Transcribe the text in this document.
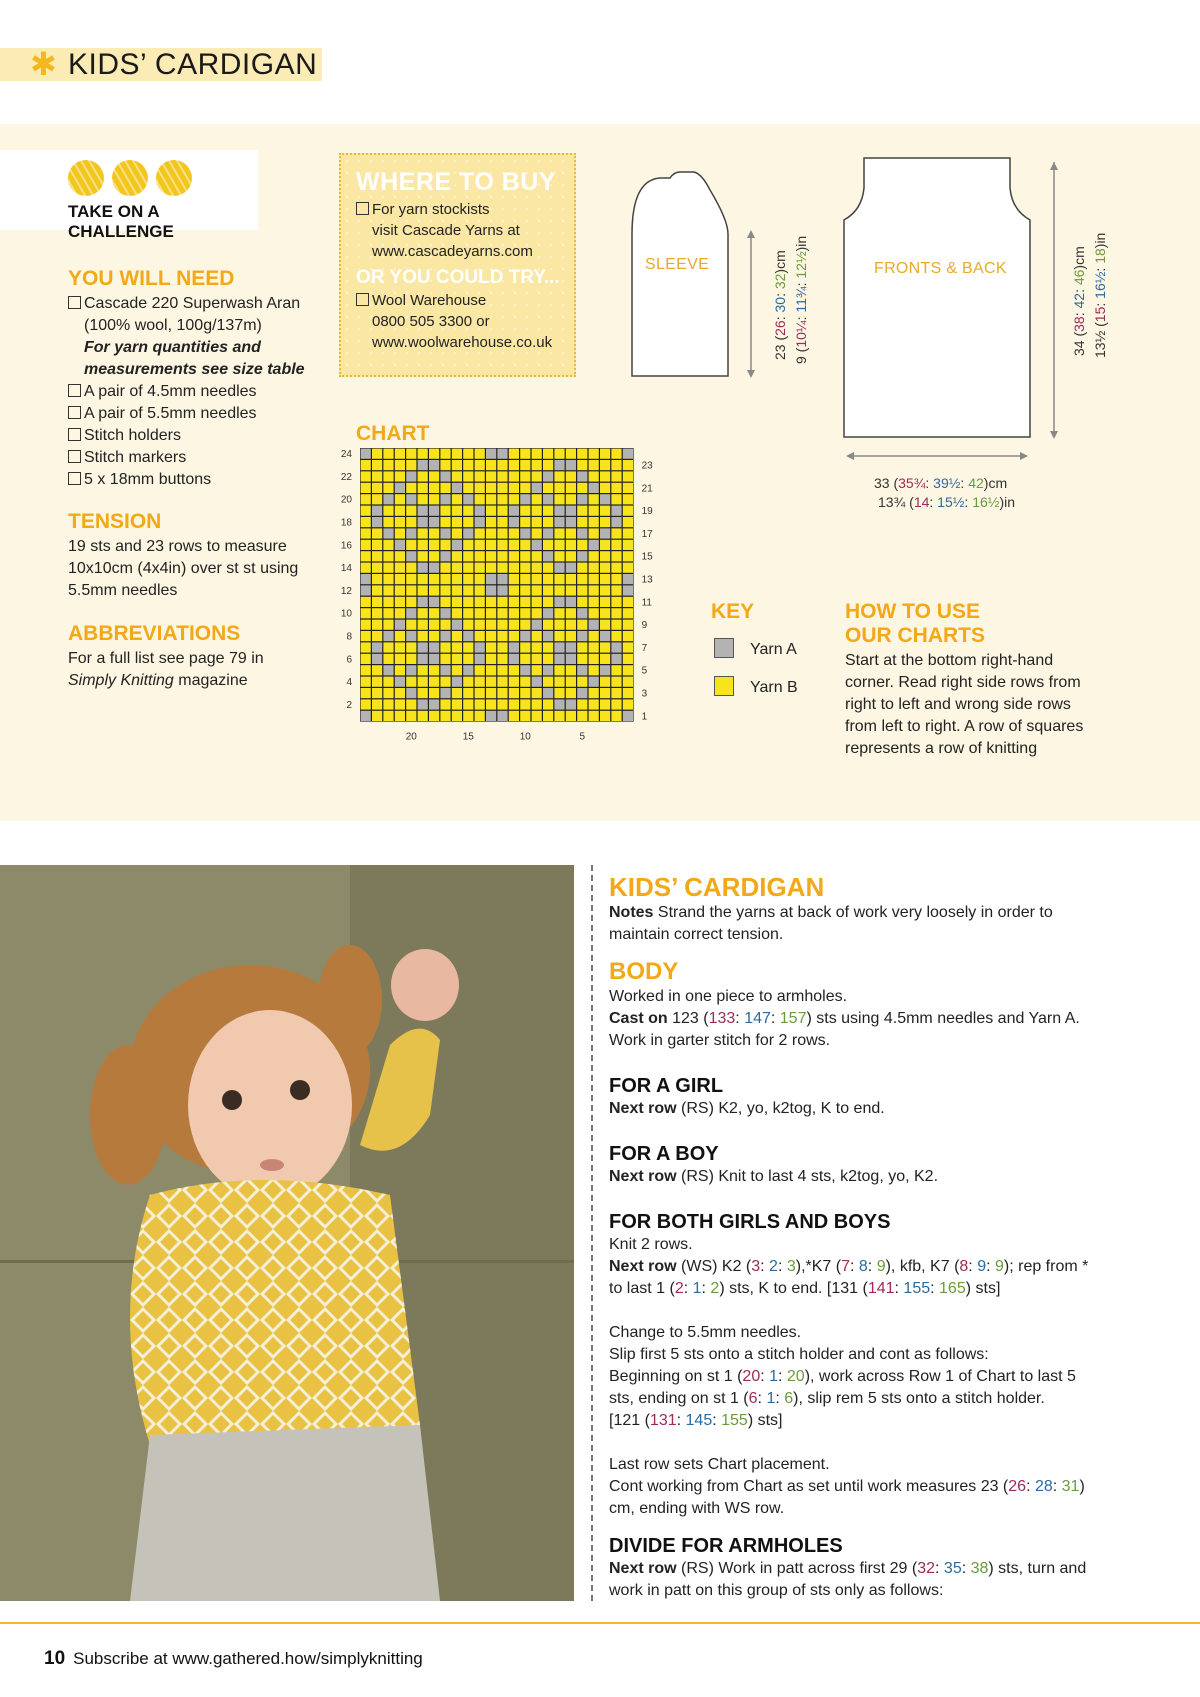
✱ KIDS’ CARDIGAN
TAKE ON A CHALLENGE
YOU WILL NEED
Cascade 220 Superwash Aran
(100% wool, 100g/137m)
For yarn quantities and
measurements see size table
A pair of 4.5mm needles
A pair of 5.5mm needles
Stitch holders
Stitch markers
5 x 18mm buttons
TENSION
19 sts and 23 rows to measure
10x10cm (4x4in) over st st using
5.5mm needles
ABBREVIATIONS
For a full list see page 79 in
Simply Knitting magazine
WHERE TO BUY
For yarn stockists
visit Cascade Yarns at
www.cascadeyarns.com
OR YOU COULD TRY...
Wool Warehouse
0800 505 3300 or
www.woolwarehouse.co.uk
CHART
24
22
20
18
16
14
12
10
8
6
4
2
23
21
19
17
15
13
11
9
7
5
3
1
20	15	10	5
SLEEVE	FRONTS & BACK
23 (26: 30: 32)cm
9 (10¼: 11¾: 12½)in
34 (38: 42: 46)cm
13½ (15: 16½: 18)in
33 (35¾: 39½: 42)cm
13¾ (14: 15½: 16½)in
KEY
Yarn A
Yarn B
HOW TO USE
OUR CHARTS
Start at the bottom right-hand
corner. Read right side rows from
right to left and wrong side rows
from left to right. A row of squares
represents a row of knitting
KIDS’ CARDIGAN
Notes Strand the yarns at back of work very loosely in order to
maintain correct tension.
BODY
Worked in one piece to armholes.
Cast on 123 (133: 147: 157) sts using 4.5mm needles and Yarn A.
Work in garter stitch for 2 rows.
FOR A GIRL
Next row (RS) K2, yo, k2tog, K to end.
FOR A BOY
Next row (RS) Knit to last 4 sts, k2tog, yo, K2.
FOR BOTH GIRLS AND BOYS
Knit 2 rows.
Next row (WS) K2 (3: 2: 3),*K7 (7: 8: 9), kfb, K7 (8: 9: 9); rep from *
to last 1 (2: 1: 2) sts, K to end. [131 (141: 155: 165) sts]
Change to 5.5mm needles.
Slip first 5 sts onto a stitch holder and cont as follows:
Beginning on st 1 (20: 1: 20), work across Row 1 of Chart to last 5
sts, ending on st 1 (6: 1: 6), slip rem 5 sts onto a stitch holder.
[121 (131: 145: 155) sts]
Last row sets Chart placement.
Cont working from Chart as set until work measures 23 (26: 28: 31)
cm, ending with WS row.
DIVIDE FOR ARMHOLES
Next row (RS) Work in patt across first 29 (32: 35: 38) sts, turn and
work in patt on this group of sts only as follows:
10 Subscribe at www.gathered.how/simplyknitting
